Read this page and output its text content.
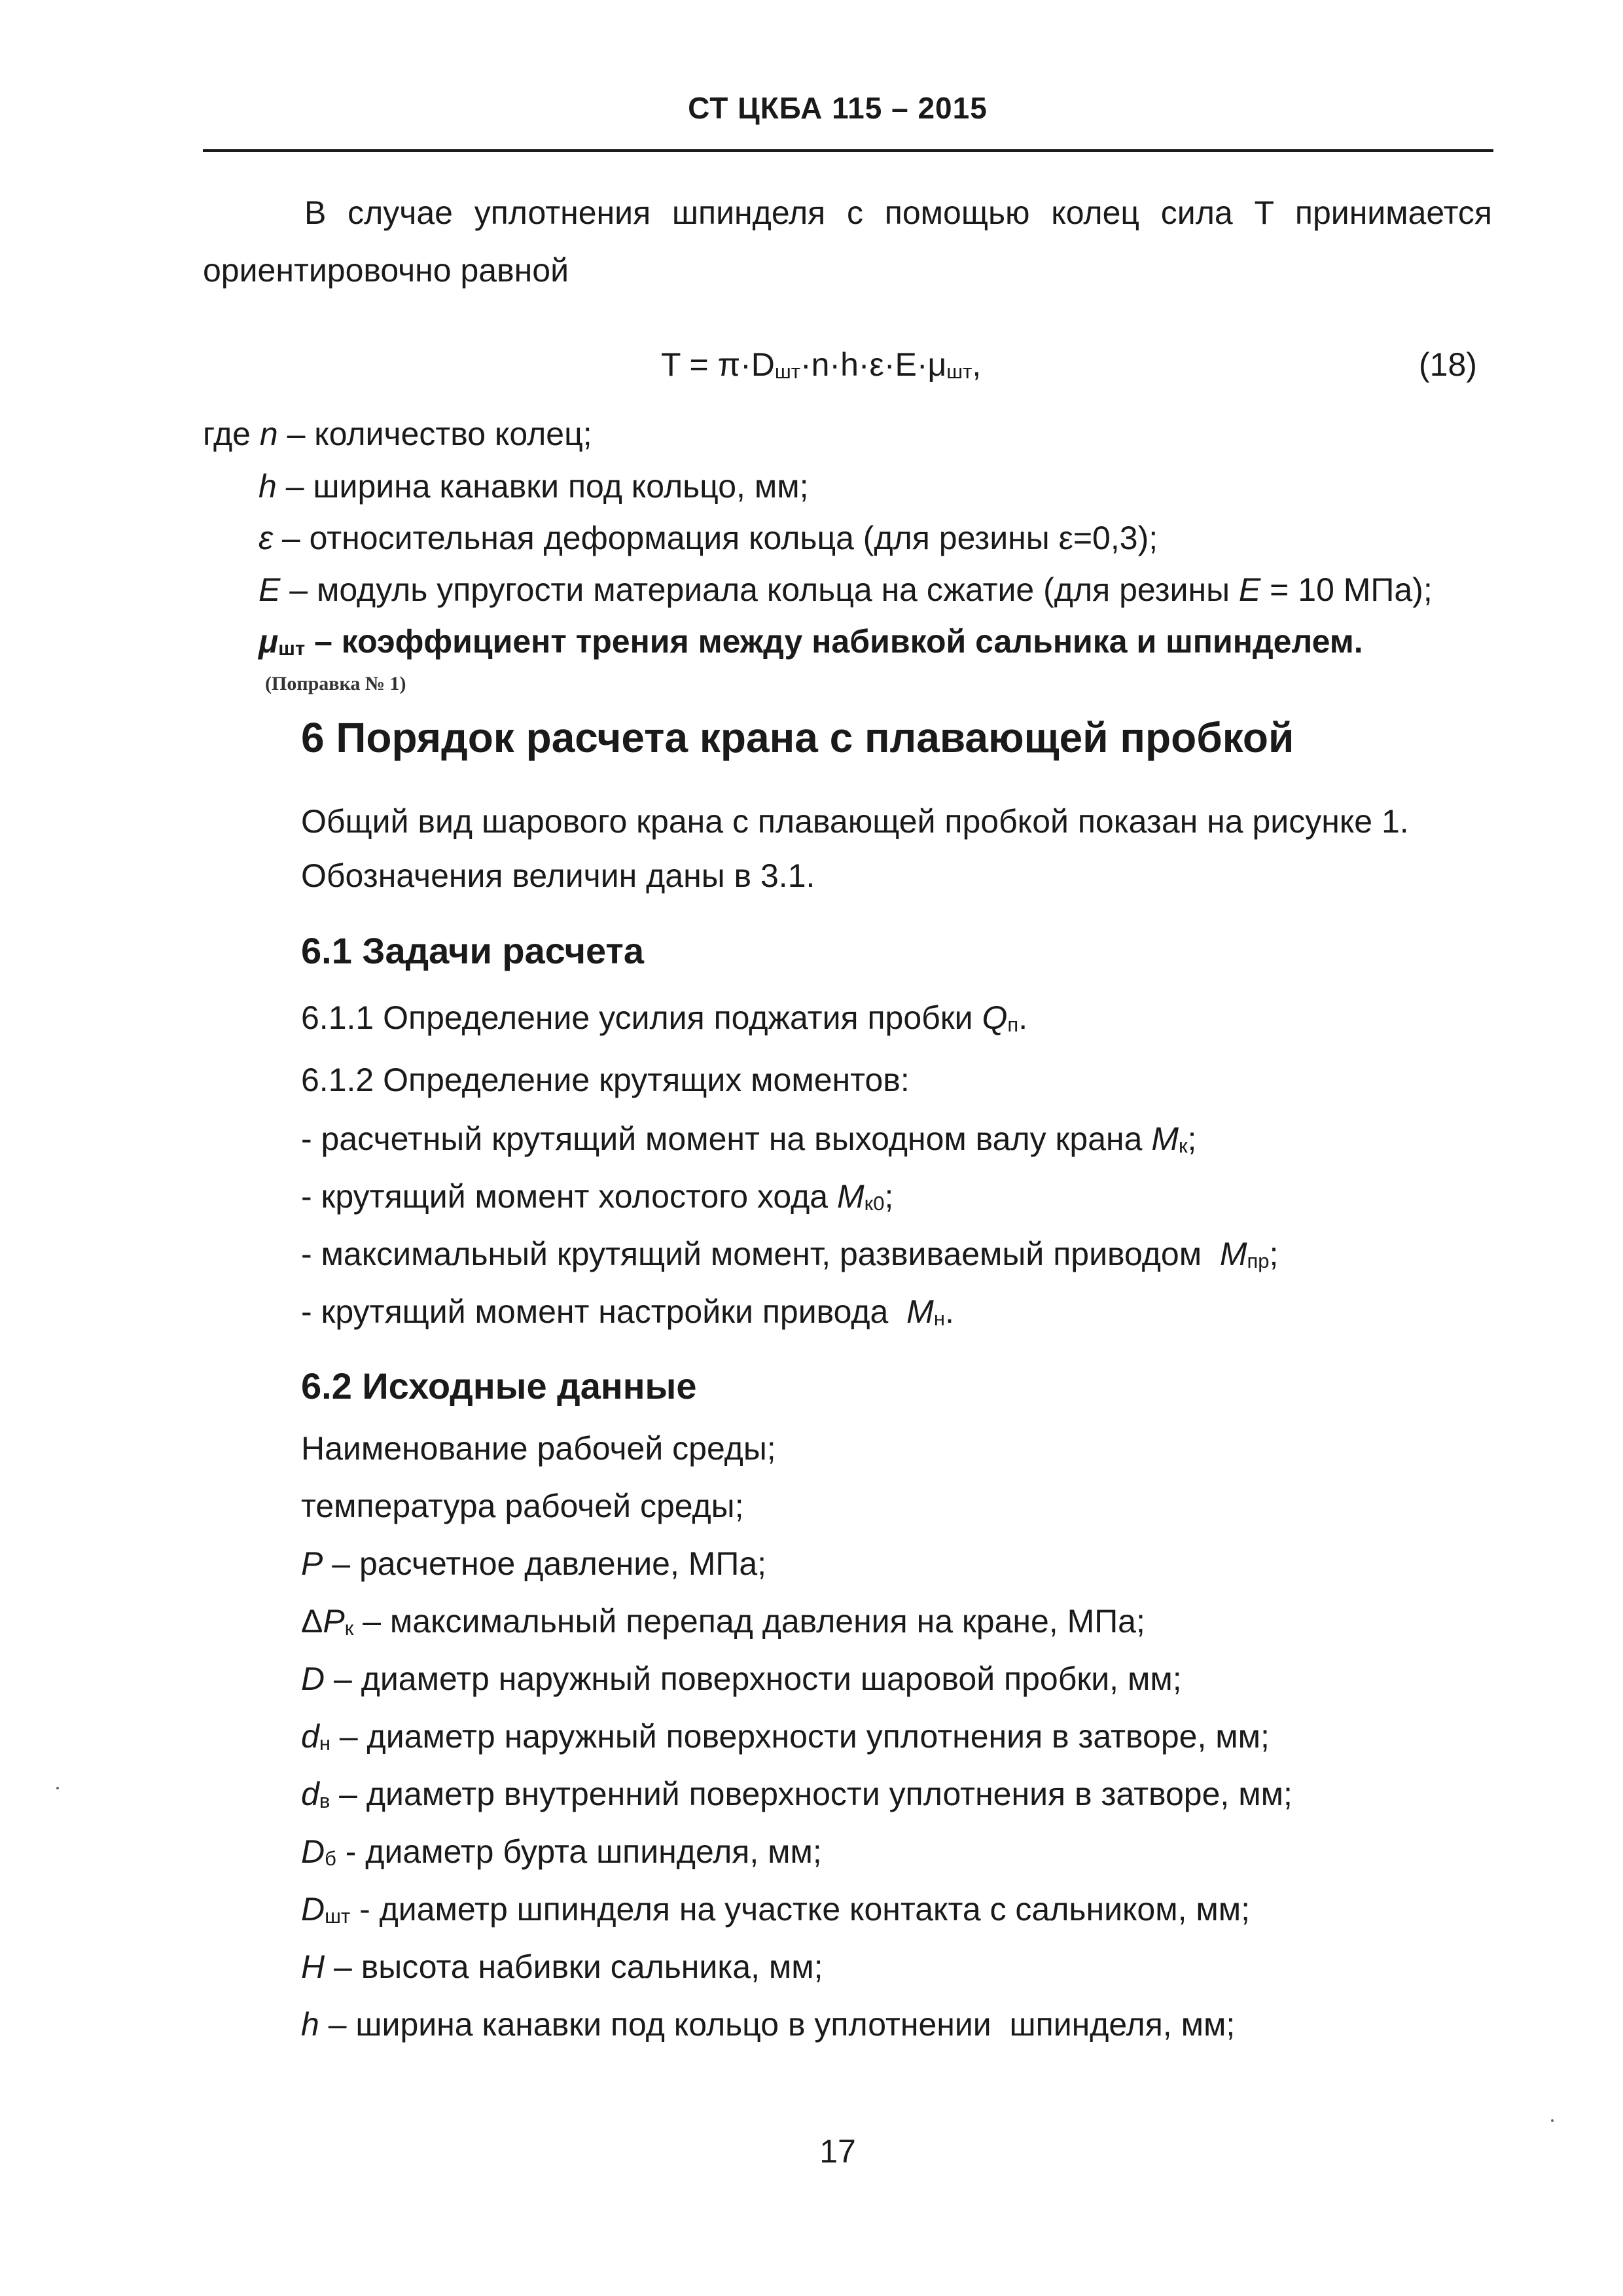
СТ ЦКБА 115 – 2015
В случае уплотнения шпинделя с помощью колец сила T принимается
ориентировочно равной
$T = \pi\cdot D_{шт}\cdot n\cdot h\cdot\varepsilon\cdot E\cdot\mu_{шт}$,	(18)
где n – количество колец;
h – ширина канавки под кольцо, мм;
ε – относительная деформация кольца (для резины ε=0,3);
E – модуль упругости материала кольца на сжатие (для резины E = 10 МПа);
$\mu_{шт}$ – коэффициент трения между набивкой сальника и шпинделем.
(Поправка № 1)
6 Порядок расчета крана с плавающей пробкой
Общий вид шарового крана с плавающей пробкой показан на рисунке 1.
Обозначения величин даны в 3.1.
6.1 Задачи расчета
6.1.1 Определение усилия поджатия пробки $Q_п$.
6.1.2 Определение крутящих моментов:
- расчетный крутящий момент на выходном валу крана $M_к$;
- крутящий момент холостого хода $M_{к0}$;
- максимальный крутящий момент, развиваемый приводом  $M_{пр}$;
- крутящий момент настройки привода  $M_н$.
6.2 Исходные данные
Наименование рабочей среды;
температура рабочей среды;
P – расчетное давление, МПа;
$\Delta P_к$ – максимальный перепад давления на кране, МПа;
D – диаметр наружный поверхности шаровой пробки, мм;
$d_н$ – диаметр наружный поверхности уплотнения в затворе, мм;
$d_в$ – диаметр внутренний поверхности уплотнения в затворе, мм;
$D_б$ - диаметр бурта шпинделя, мм;
$D_{шт}$ - диаметр шпинделя на участке контакта с сальником, мм;
H – высота набивки сальника, мм;
h – ширина канавки под кольцо в уплотнении  шпинделя, мм;
17
